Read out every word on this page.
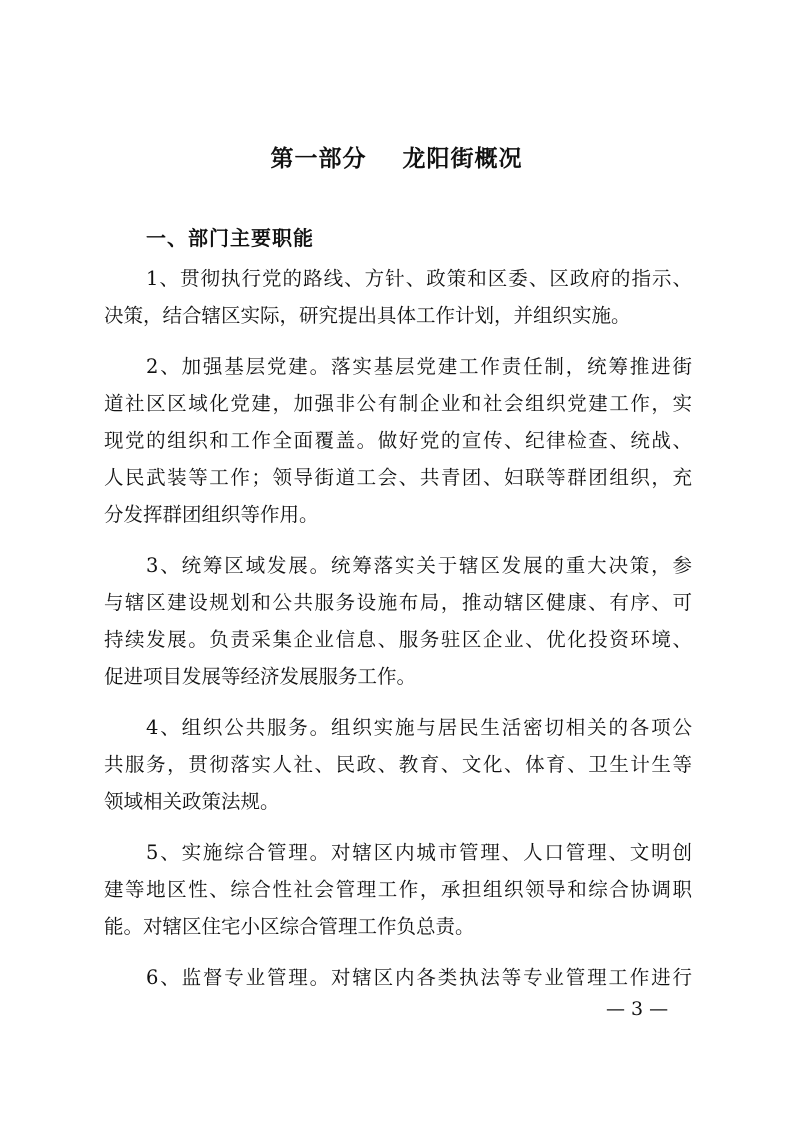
第一部分    龙阳街概况
一、部门主要职能
1、贯彻执行党的路线、方针、政策和区委、区政府的指示、
决策，结合辖区实际，研究提出具体工作计划，并组织实施。
2、加强基层党建。落实基层党建工作责任制，统筹推进街
道社区区域化党建，加强非公有制企业和社会组织党建工作，实
现党的组织和工作全面覆盖。做好党的宣传、纪律检查、统战、
人民武装等工作；领导街道工会、共青团、妇联等群团组织，充
分发挥群团组织等作用。
3、统筹区域发展。统筹落实关于辖区发展的重大决策，参
与辖区建设规划和公共服务设施布局，推动辖区健康、有序、可
持续发展。负责采集企业信息、服务驻区企业、优化投资环境、
促进项目发展等经济发展服务工作。
4、组织公共服务。组织实施与居民生活密切相关的各项公
共服务，贯彻落实人社、民政、教育、文化、体育、卫生计生等
领域相关政策法规。
5、实施综合管理。对辖区内城市管理、人口管理、文明创
建等地区性、综合性社会管理工作，承担组织领导和综合协调职
能。对辖区住宅小区综合管理工作负总责。
6、监督专业管理。对辖区内各类执法等专业管理工作进行
— 3 —
